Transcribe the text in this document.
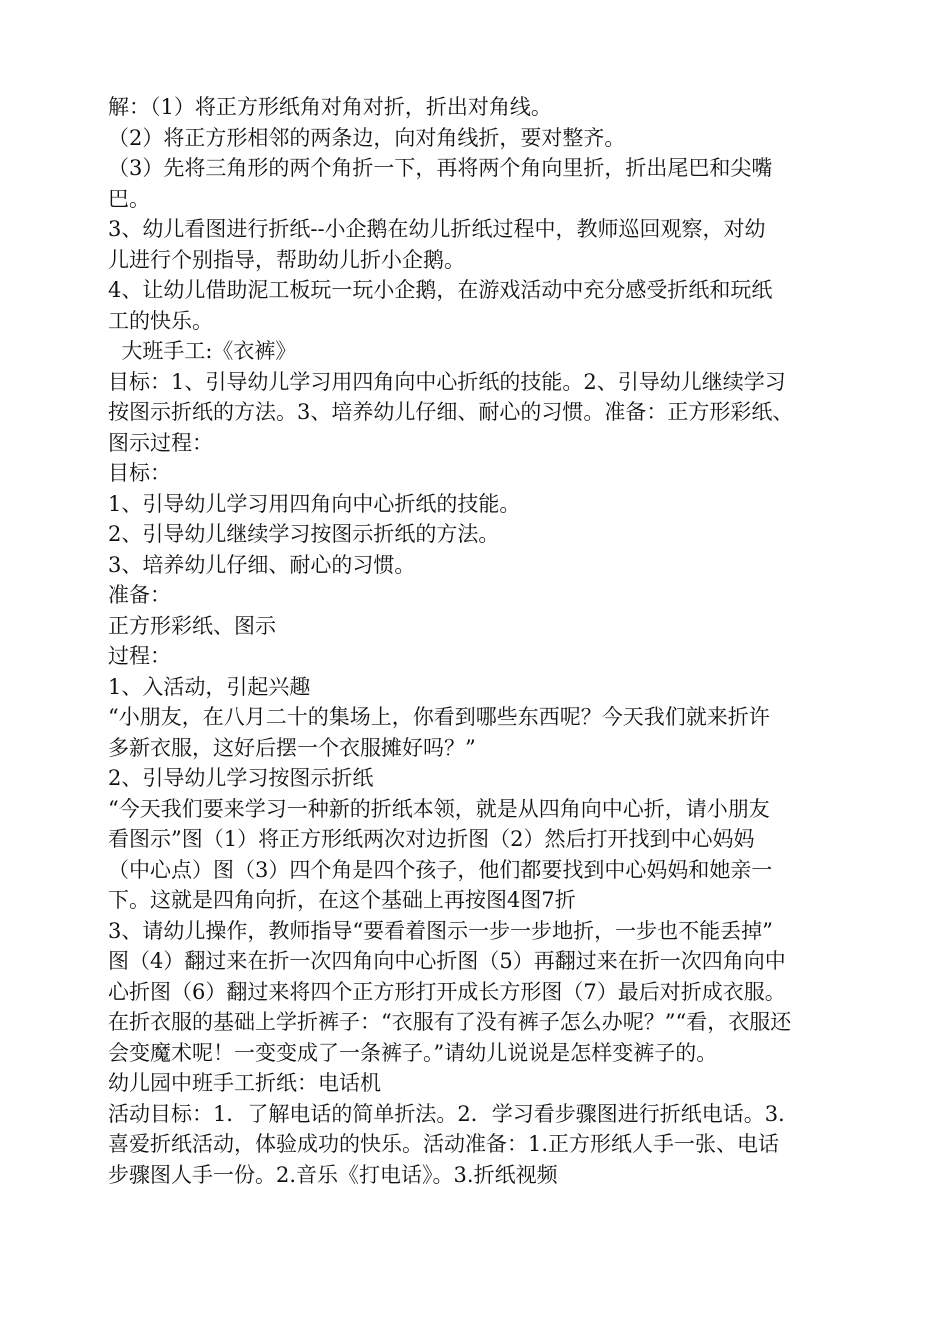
解：（1）将正方形纸角对角对折，折出对角线。
（2）将正方形相邻的两条边，向对角线折，要对整齐。
（3）先将三角形的两个角折一下，再将两个角向里折，折出尾巴和尖嘴
巴。
3、幼儿看图进行折纸--小企鹅在幼儿折纸过程中，教师巡回观察，对幼
儿进行个别指导，帮助幼儿折小企鹅。
4、让幼儿借助泥工板玩一玩小企鹅，在游戏活动中充分感受折纸和玩纸
工的快乐。
大班手工:《衣裤》
目标：1、引导幼儿学习用四角向中心折纸的技能。2、引导幼儿继续学习
按图示折纸的方法。3、培养幼儿仔细、耐心的习惯。准备：正方形彩纸、
图示过程：
目标：
1、引导幼儿学习用四角向中心折纸的技能。
2、引导幼儿继续学习按图示折纸的方法。
3、培养幼儿仔细、耐心的习惯。
准备：
正方形彩纸、图示
过程：
1、入活动，引起兴趣
“小朋友，在八月二十的集场上，你看到哪些东西呢？今天我们就来折许
多新衣服，这好后摆一个衣服摊好吗？”
2、引导幼儿学习按图示折纸
“今天我们要来学习一种新的折纸本领，就是从四角向中心折，请小朋友
看图示”图（1）将正方形纸两次对边折图（2）然后打开找到中心妈妈
（中心点）图（3）四个角是四个孩子，他们都要找到中心妈妈和她亲一
下。这就是四角向折，在这个基础上再按图4图7折
3、请幼儿操作，教师指导“要看着图示一步一步地折，一步也不能丢掉”
图（4）翻过来在折一次四角向中心折图（5）再翻过来在折一次四角向中
心折图（6）翻过来将四个正方形打开成长方形图（7）最后对折成衣服。
在折衣服的基础上学折裤子：“衣服有了没有裤子怎么办呢？”“看，衣服还
会变魔术呢！一变变成了一条裤子。”请幼儿说说是怎样变裤子的。
幼儿园中班手工折纸：电话机
活动目标：1．了解电话的简单折法。2．学习看步骤图进行折纸电话。3．
喜爱折纸活动，体验成功的快乐。活动准备：1.正方形纸人手一张、电话
步骤图人手一份。2.音乐《打电话》。3.折纸视频
